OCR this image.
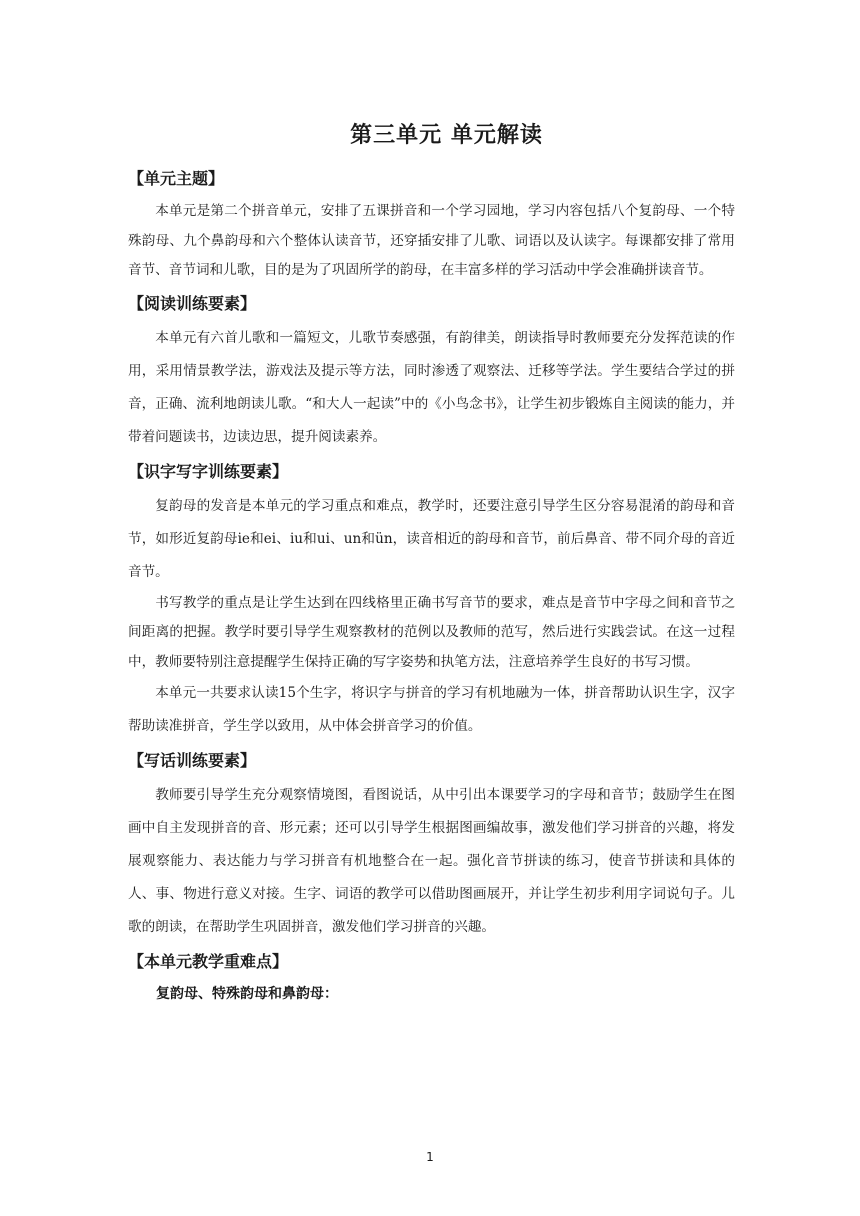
第三单元 单元解读
【单元主题】

本单元是第二个拼音单元，安排了五课拼音和一个学习园地，学习内容包括八个复韵母、一个特殊韵母、九个鼻韵母和六个整体认读音节，还穿插安排了儿歌、词语以及认读字。每课都安排了常用音节、音节词和儿歌，目的是为了巩固所学的韵母，在丰富多样的学习活动中学会准确拼读音节。

【阅读训练要素】

本单元有六首儿歌和一篇短文，儿歌节奏感强，有韵律美，朗读指导时教师要充分发挥范读的作用，采用情景教学法，游戏法及提示等方法，同时渗透了观察法、迁移等学法。学生要结合学过的拼音，正确、流利地朗读儿歌。“和大人一起读”中的《小鸟念书》，让学生初步锻炼自主阅读的能力，并带着问题读书，边读边思，提升阅读素养。

【识字写字训练要素】

复韵母的发音是本单元的学习重点和难点，教学时，还要注意引导学生区分容易混淆的韵母和音节，如形近复韵母ie和ei、iu和ui、un和ün，读音相近的韵母和音节，前后鼻音、带不同介母的音近音节。

书写教学的重点是让学生达到在四线格里正确书写音节的要求，难点是音节中字母之间和音节之间距离的把握。教学时要引导学生观察教材的范例以及教师的范写，然后进行实践尝试。在这一过程中，教师要特别注意提醒学生保持正确的写字姿势和执笔方法，注意培养学生良好的书写习惯。

本单元一共要求认读15个生字，将识字与拼音的学习有机地融为一体，拼音帮助认识生字，汉字帮助读准拼音，学生学以致用，从中体会拼音学习的价值。

【写话训练要素】

教师要引导学生充分观察情境图，看图说话，从中引出本课要学习的字母和音节；鼓励学生在图画中自主发现拼音的音、形元素；还可以引导学生根据图画编故事，激发他们学习拼音的兴趣，将发展观察能力、表达能力与学习拼音有机地整合在一起。强化音节拼读的练习，使音节拼读和具体的人、事、物进行意义对接。生字、词语的教学可以借助图画展开，并让学生初步利用字词说句子。儿歌的朗读，在帮助学生巩固拼音，激发他们学习拼音的兴趣。

【本单元教学重难点】
复韵母、特殊韵母和鼻韵母：
1
